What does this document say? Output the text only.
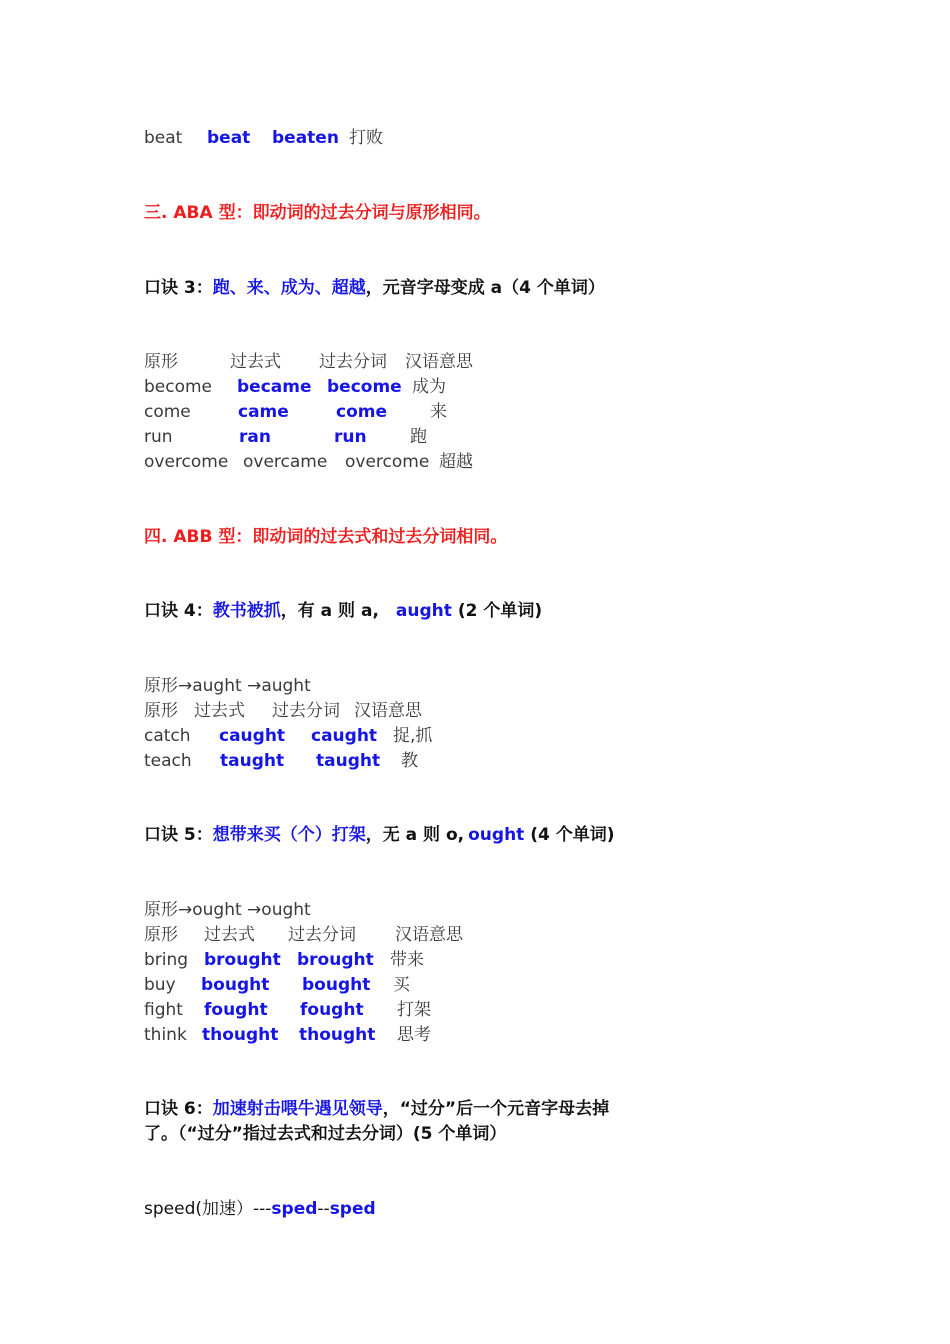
beat beat beaten 打败
三. ABA 型：即动词的过去分词与原形相同。
口诀 3：跑、来、成为、超越，元音字母变成 a（4 个单词）
原形	过去式 过去分词 汉语意思
become became become 成为
come	came	come	来
run	ran	run	跑
overcome overcame overcome 超越
四. ABB 型：即动词的过去式和过去分词相同。
口诀 4：教书被抓，有 a 则 a, aught (2 个单词)
原形→aught →aught
原形 过去式 过去分词 汉语意思
catch caught caught 捉,抓
teach taught taught 教
口诀 5：想带来买（个）打架，无 a 则 o, ought (4 个单词)
原形→ought →ought
原形 过去式 过去分词 汉语意思
bring brought brought 带来
buy bought bought 买
fight fought fought 打架
think thought thought 思考
口诀 6：加速射击喂牛遇见领导，“过分”后一个元音字母去掉
了。（“过分”指过去式和过去分词）(5 个单词）
speed(加速）---sped--sped
